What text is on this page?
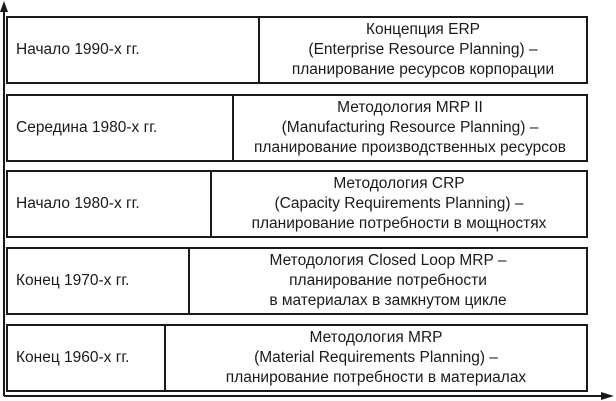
Начало 1990-х гг.
Концепция ERP
(Enterprise Resource Planning) –
планирование ресурсов корпорации
Середина 1980-х гг.
Методология MRP II
(Manufacturing Resource Planning) –
планирование производственных ресурсов
Начало 1980-х гг.
Методология CRP
(Capacity Requirements Planning) –
планирование потребности в мощностях
Конец 1970-х гг.
Методология Closed Loop MRP –
планирование потребности
в материалах в замкнутом цикле
Конец 1960-х гг.
Методология MRP
(Material Requirements Planning) –
планирование потребности в материалах
